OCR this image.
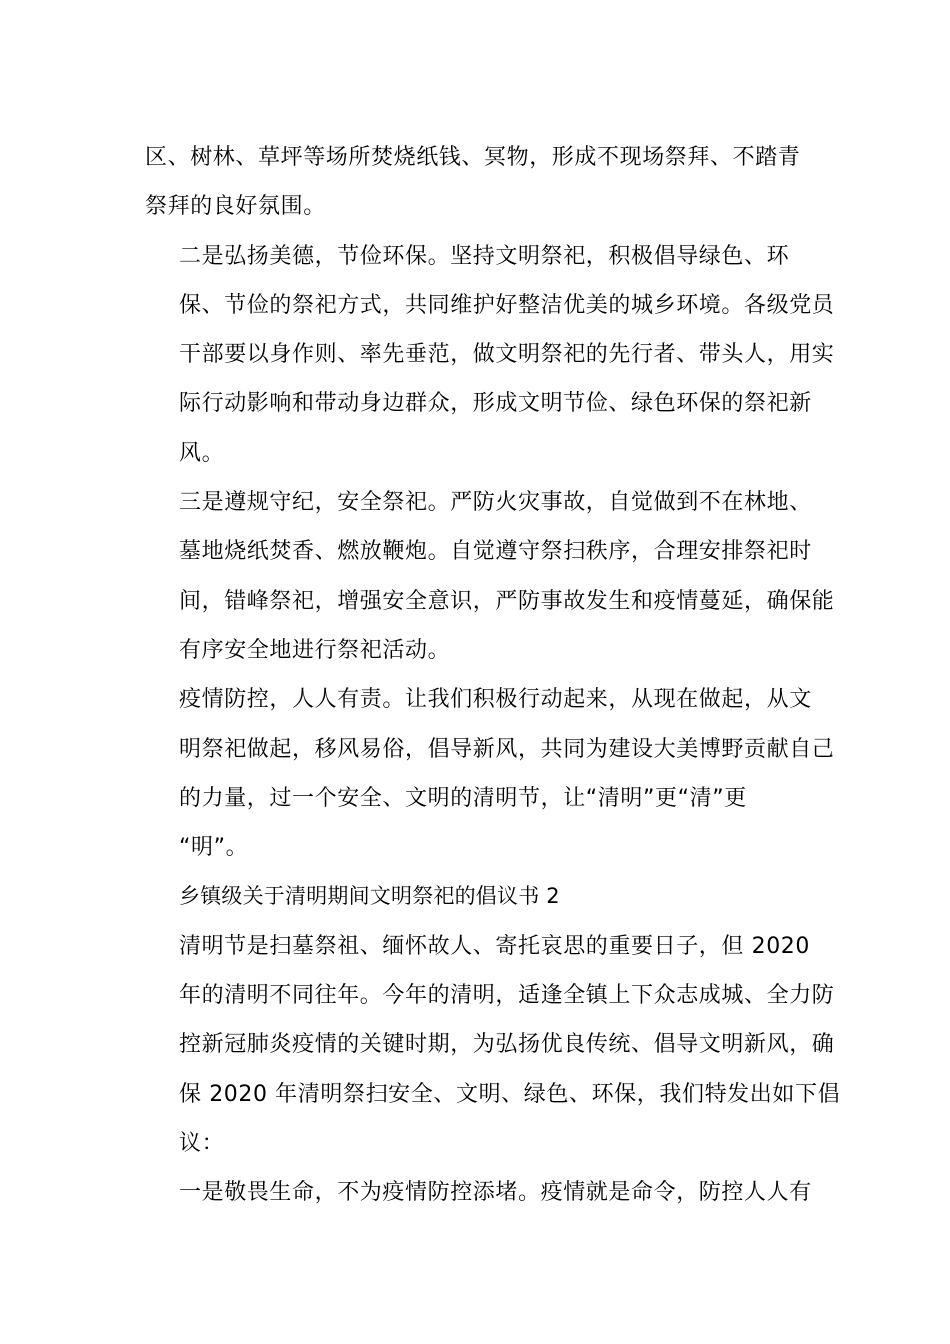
区、树林、草坪等场所焚烧纸钱、冥物，形成不现场祭拜、不踏青
祭拜的良好氛围。

二是弘扬美德，节俭环保。坚持文明祭祀，积极倡导绿色、环
保、节俭的祭祀方式，共同维护好整洁优美的城乡环境。各级党员
干部要以身作则、率先垂范，做文明祭祀的先行者、带头人，用实
际行动影响和带动身边群众，形成文明节俭、绿色环保的祭祀新
风。

三是遵规守纪，安全祭祀。严防火灾事故，自觉做到不在林地、
墓地烧纸焚香、燃放鞭炮。自觉遵守祭扫秩序，合理安排祭祀时
间，错峰祭祀，增强安全意识，严防事故发生和疫情蔓延，确保能
有序安全地进行祭祀活动。

疫情防控，人人有责。让我们积极行动起来，从现在做起，从文
明祭祀做起，移风易俗，倡导新风，共同为建设大美博野贡献自己
的力量，过一个安全、文明的清明节，让“清明”更“清”更
“明”。

乡镇级关于清明期间文明祭祀的倡议书 2

清明节是扫墓祭祖、缅怀故人、寄托哀思的重要日子，但 2020
年的清明不同往年。今年的清明，适逢全镇上下众志成城、全力防
控新冠肺炎疫情的关键时期，为弘扬优良传统、倡导文明新风，确
保 2020 年清明祭扫安全、文明、绿色、环保，我们特发出如下倡
议：

一是敬畏生命，不为疫情防控添堵。疫情就是命令，防控人人有
